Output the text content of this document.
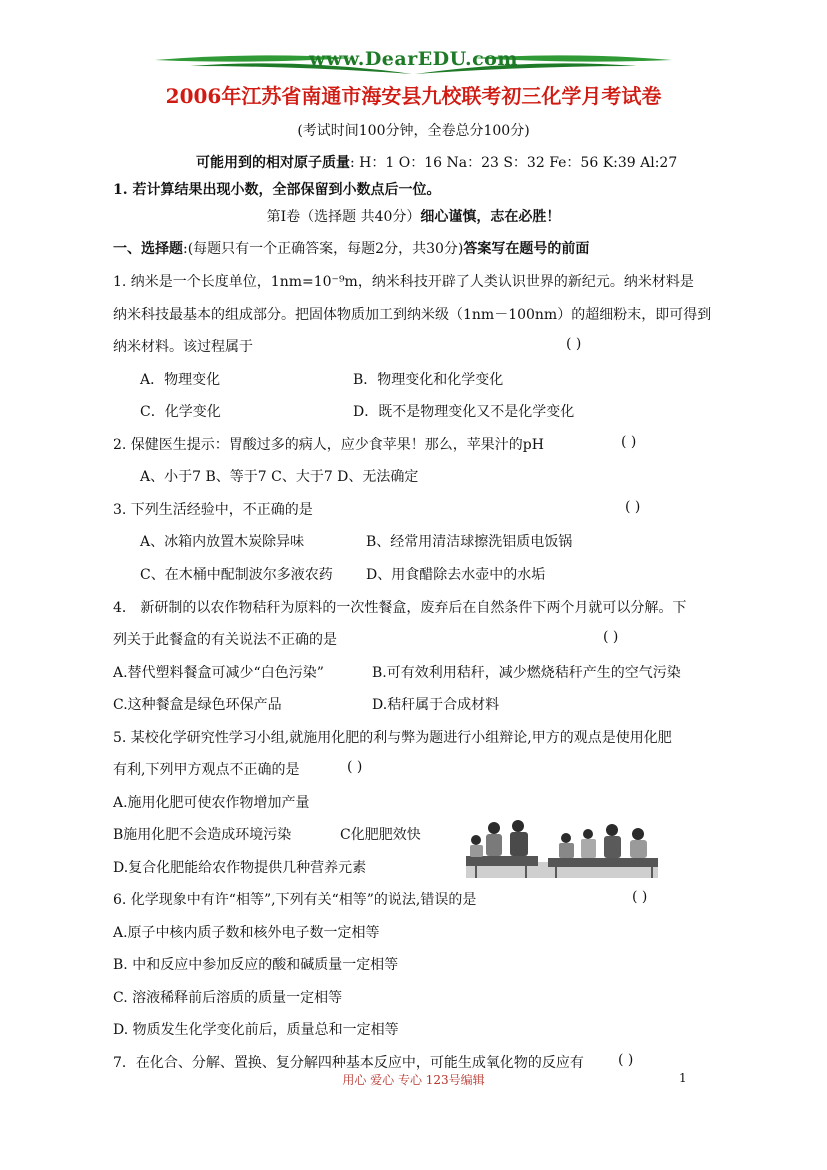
www.DearEDU.com
2006年江苏省南通市海安县九校联考初三化学月考试卷
(考试时间100分钟，全卷总分100分)
可能用到的相对原子质量: H：1 O：16 Na：23 S：32 Fe：56 K:39 Al:27
1. 若计算结果出现小数，全部保留到小数点后一位。
第Ⅰ卷（选择题 共40分）细心谨慎，志在必胜！
一、选择题:(每题只有一个正确答案，每题2分，共30分)答案写在题号的前面
1. 纳米是一个长度单位，1nm=10⁻⁹m，纳米科技开辟了人类认识世界的新纪元。纳米材料是
纳米科技最基本的组成部分。把固体物质加工到纳米级（1nm－100nm）的超细粉末，即可得到
纳米材料。该过程属于	( )
A．物理变化	B．物理变化和化学变化
C．化学变化	D．既不是物理变化又不是化学变化
2. 保健医生提示：胃酸过多的病人，应少食苹果！那么，苹果汁的pH	( )
A、小于7 B、等于7 C、大于7 D、无法确定
3. 下列生活经验中，不正确的是	( )
A、冰箱内放置木炭除异味	B、经常用清洁球擦洗铝质电饭锅
C、在木桶中配制波尔多液农药 D、用食醋除去水壶中的水垢
4． 新研制的以农作物秸秆为原料的一次性餐盒，废弃后在自然条件下两个月就可以分解。下
列关于此餐盒的有关说法不正确的是	( )
A.替代塑料餐盒可减少“白色污染”	B.可有效利用秸秆，减少燃烧秸秆产生的空气污染
C.这种餐盒是绿色环保产品	D.秸秆属于合成材料
5. 某校化学研究性学习小组,就施用化肥的利与弊为题进行小组辩论,甲方的观点是使用化肥
有利,下列甲方观点不正确的是	( )
A.施用化肥可使农作物增加产量
B施用化肥不会造成环境污染	C化肥肥效快
D.复合化肥能给农作物提供几种营养元素
6. 化学现象中有许“相等”,下列有关“相等”的说法,错误的是	( )
A.原子中核内质子数和核外电子数一定相等
B. 中和反应中参加反应的酸和碱质量一定相等
C. 溶液稀释前后溶质的质量一定相等
D. 物质发生化学变化前后，质量总和一定相等
7．在化合、分解、置换、复分解四种基本反应中，可能生成氧化物的反应有 ( )
用心 爱心 专心 123号编辑	1
